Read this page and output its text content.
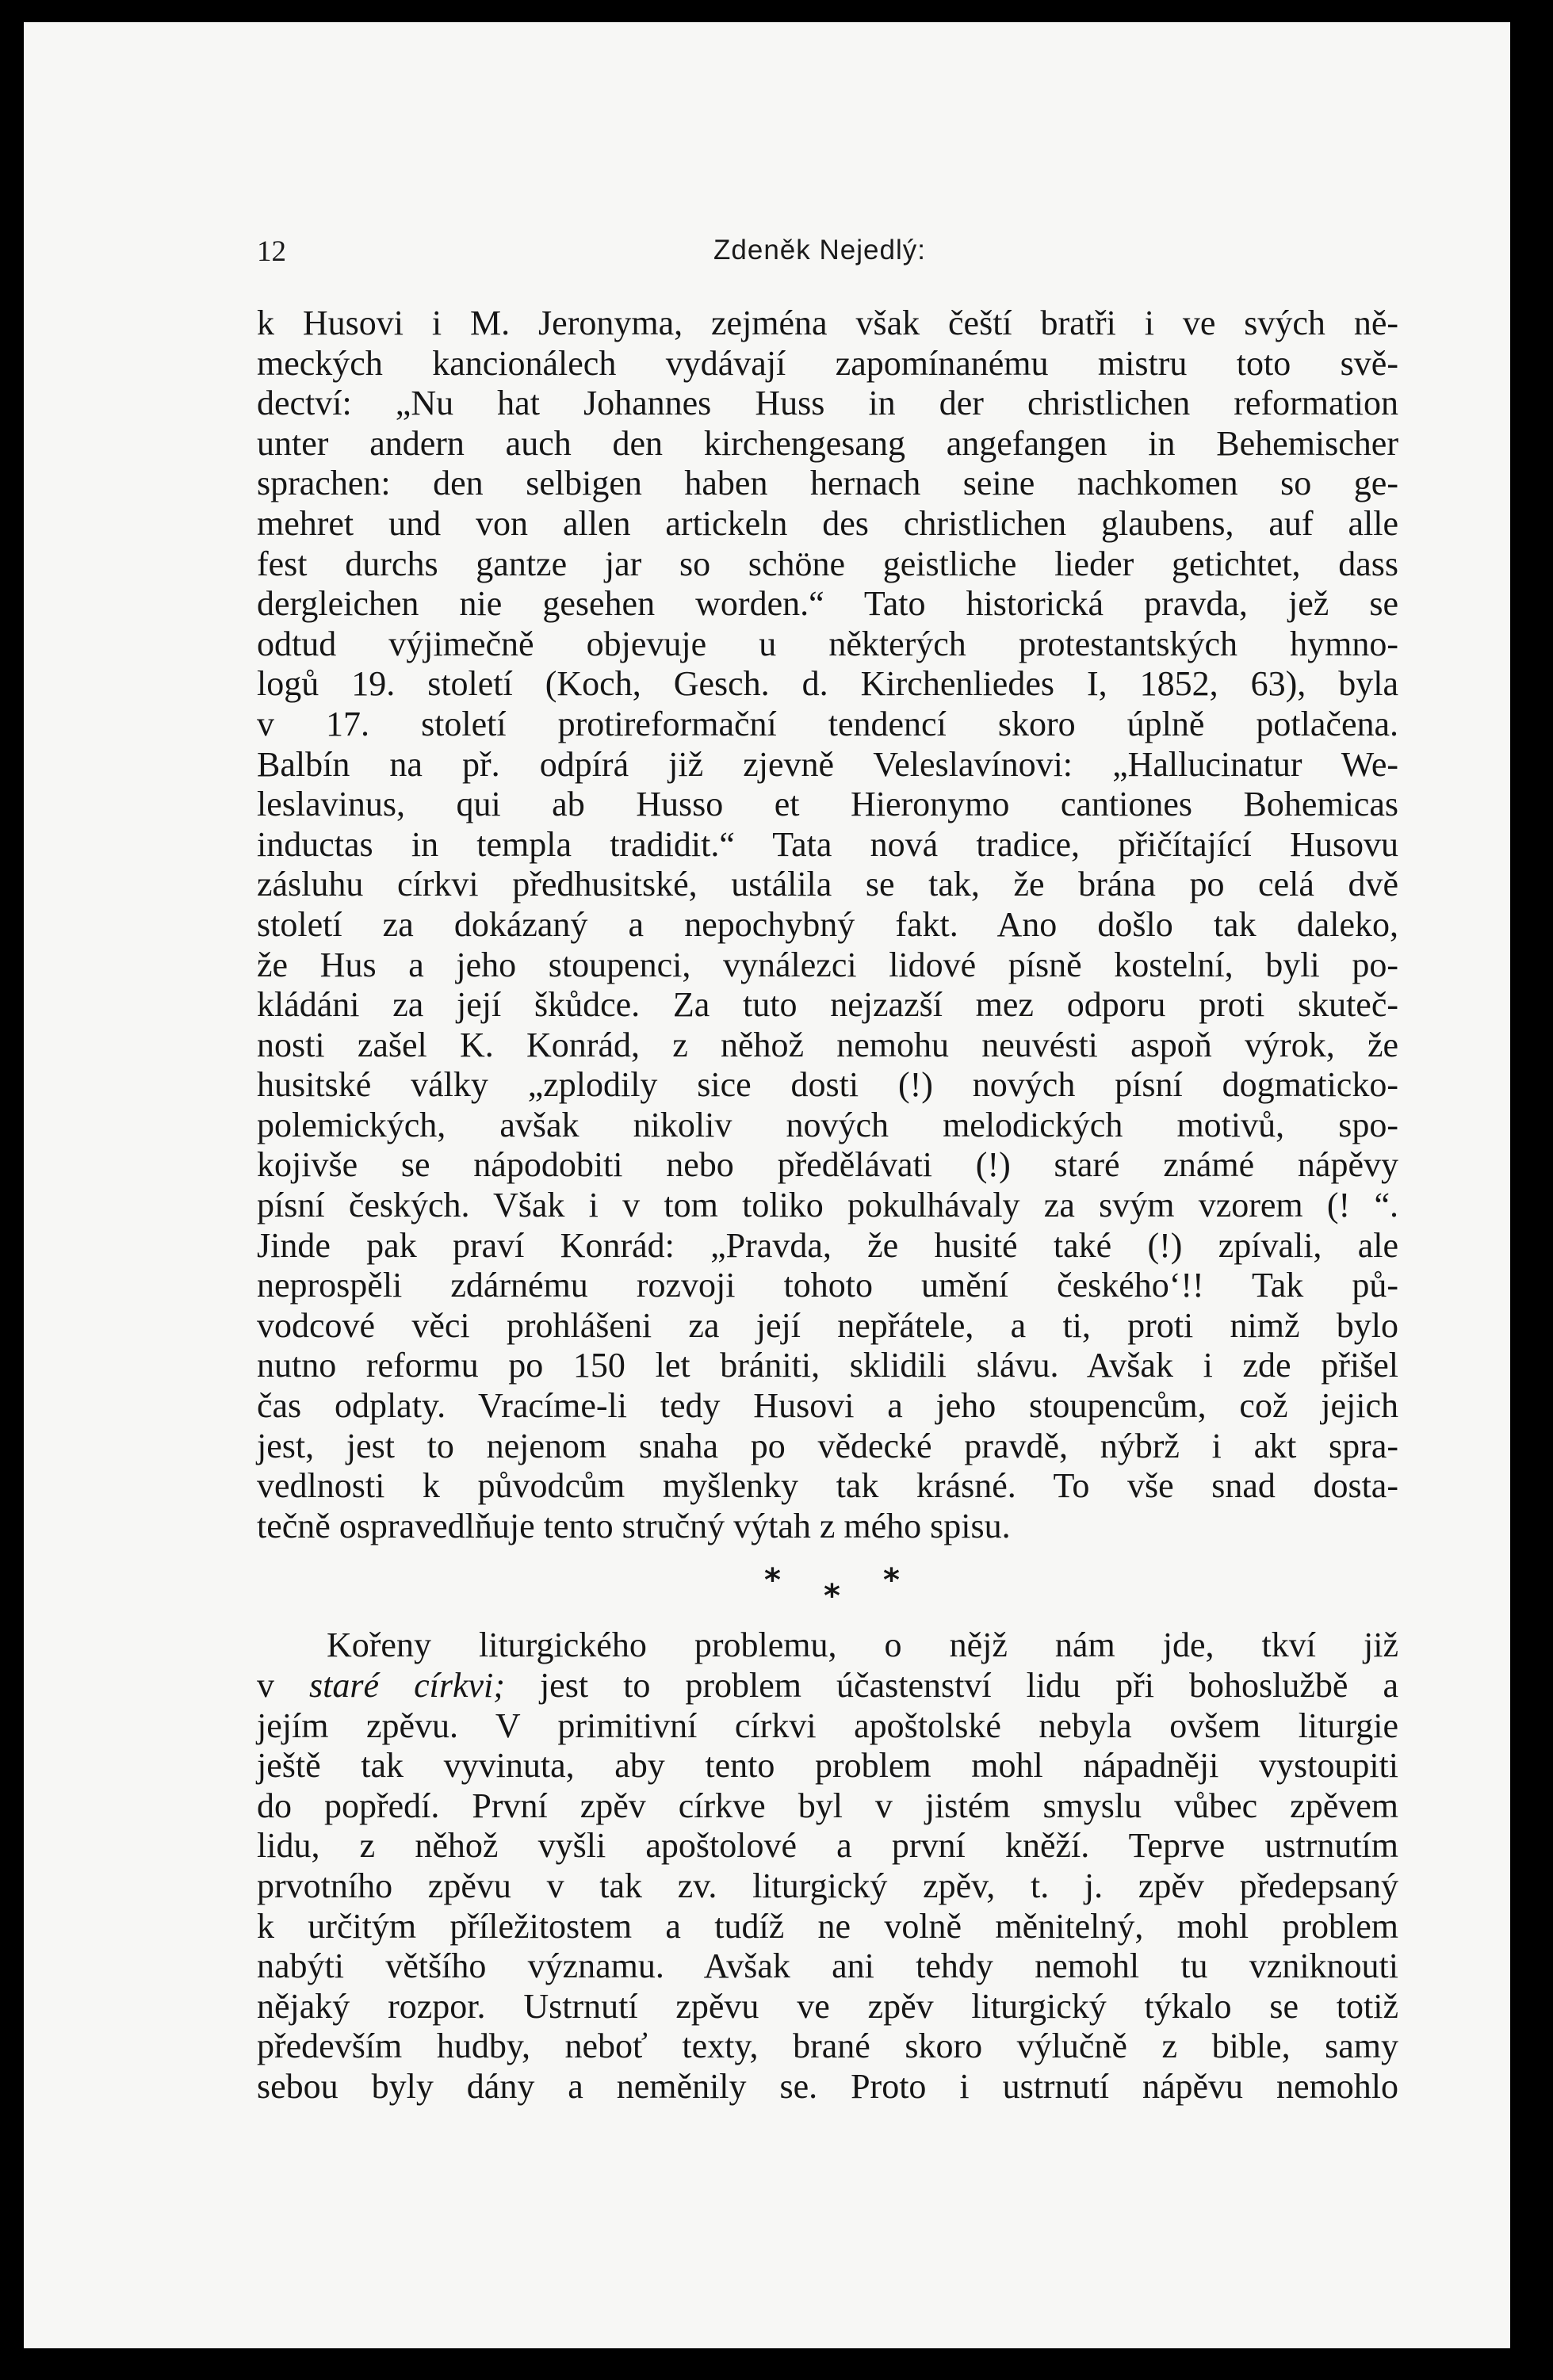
12	Zdeněk Nejedlý:
k Husovi i M. Jeronyma, zejména však čeští bratři i ve svých ně-
meckých kancionálech vydávají zapomínanému mistru toto svě-
dectví: „Nu hat Johannes Huss in der christlichen reformation
unter andern auch den kirchengesang angefangen in Behemischer
sprachen: den selbigen haben hernach seine nachkomen so ge-
mehret und von allen artickeln des christlichen glaubens, auf alle
fest durchs gantze jar so schöne geistliche lieder getichtet, dass
dergleichen nie gesehen worden.“ Tato historická pravda, jež se
odtud výjimečně objevuje u některých protestantských hymno-
logů 19. století (Koch, Gesch. d. Kirchenliedes I, 1852, 63), byla
v 17. století protireformační tendencí skoro úplně potlačena.
Balbín na př. odpírá již zjevně Veleslavínovi: „Hallucinatur We-
leslavinus, qui ab Husso et Hieronymo cantiones Bohemicas
inductas in templa tradidit.“ Tata nová tradice, přičítající Husovu
zásluhu církvi předhusitské, ustálila se tak, že brána po celá dvě
století za dokázaný a nepochybný fakt. Ano došlo tak daleko,
že Hus a jeho stoupenci, vynálezci lidové písně kostelní, byli po-
kládáni za její škůdce. Za tuto nejzazší mez odporu proti skuteč-
nosti zašel K. Konrád, z něhož nemohu neuvésti aspoň výrok, že
husitské války „zplodily sice dosti (!) nových písní dogmaticko-
polemických, avšak nikoliv nových melodických motivů, spo-
kojivše se nápodobiti nebo předělávati (!) staré známé nápěvy
písní českých. Však i v tom toliko pokulhávaly za svým vzorem (! “.
Jinde pak praví Konrád: „Pravda, že husité také (!) zpívali, ale
neprospěli zdárnému rozvoji tohoto umění českého‘!! Tak pů-
vodcové věci prohlášeni za její nepřátele, a ti, proti nimž bylo
nutno reformu po 150 let brániti, sklidili slávu. Avšak i zde přišel
čas odplaty. Vracíme-li tedy Husovi a jeho stoupencům, což jejich
jest, jest to nejenom snaha po vědecké pravdě, nýbrž i akt spra-
vedlnosti k původcům myšlenky tak krásné. To vše snad dosta-
tečně ospravedlňuje tento stručný výtah z mého spisu.
* * *
Kořeny liturgického problemu, o nějž nám jde, tkví již
v staré církvi; jest to problem účastenství lidu při bohoslužbě a
jejím zpěvu. V primitivní církvi apoštolské nebyla ovšem liturgie
ještě tak vyvinuta, aby tento problem mohl nápadněji vystoupiti
do popředí. První zpěv církve byl v jistém smyslu vůbec zpěvem
lidu, z něhož vyšli apoštolové a první kněží. Teprve ustrnutím
prvotního zpěvu v tak zv. liturgický zpěv, t. j. zpěv předepsaný
k určitým příležitostem a tudíž ne volně měnitelný, mohl problem
nabýti většího významu. Avšak ani tehdy nemohl tu vzniknouti
nějaký rozpor. Ustrnutí zpěvu ve zpěv liturgický týkalo se totiž
především hudby, neboť texty, brané skoro výlučně z bible, samy
sebou byly dány a neměnily se. Proto i ustrnutí nápěvu nemohlo
